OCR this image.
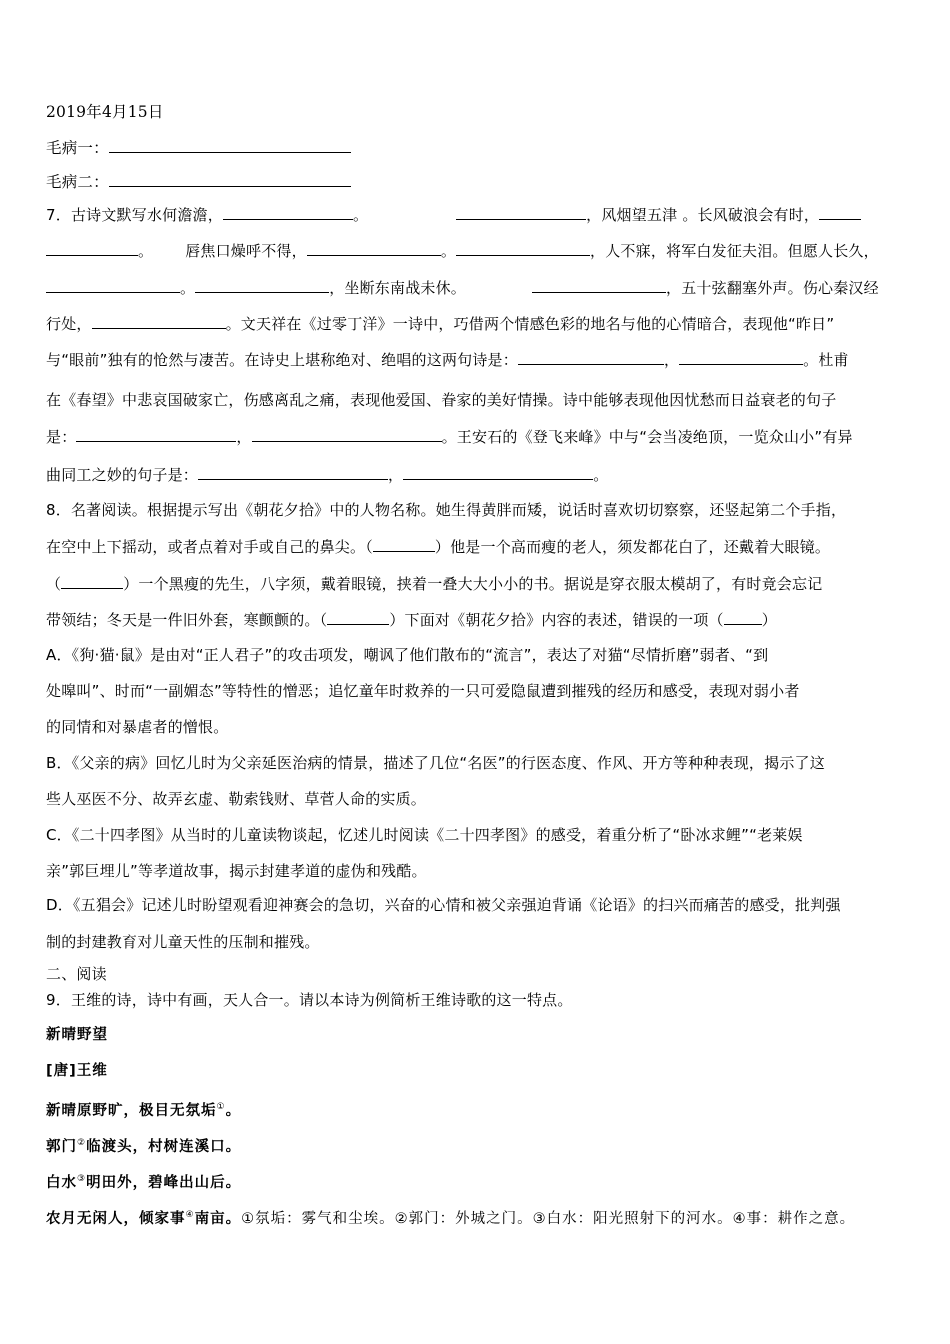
2019年4月15日
毛病一：
毛病二：
7．古诗文默写水何澹澹，	。	，风烟望五津 。长风破浪会有时，
。 唇焦口燥呼不得，	。	，人不寐，将军白发征夫泪。但愿人长久，
。	，坐断东南战未休。	，五十弦翻塞外声。伤心秦汉经
行处，	。文天祥在《过零丁洋》一诗中，巧借两个情感色彩的地名与他的心情暗合，表现他“昨日”
与“眼前”独有的怆然与凄苦。在诗史上堪称绝对、绝唱的这两句诗是：	，	。杜甫
在《春望》中悲哀国破家亡，伤感离乱之痛，表现他爱国、眷家的美好情操。诗中能够表现他因忧愁而日益衰老的句子
是：	，	。王安石的《登飞来峰》中与“会当凌绝顶，一览众山小”有异
曲同工之妙的句子是：	，	。
8．名著阅读。根据提示写出《朝花夕拾》中的人物名称。她生得黄胖而矮，说话时喜欢切切察察，还竖起第二个手指，
在空中上下摇动，或者点着对手或自己的鼻尖。（	）他是一个高而瘦的老人，须发都花白了，还戴着大眼镜。
（	）一个黑瘦的先生，八字须，戴着眼镜，挟着一叠大大小小的书。据说是穿衣服太模胡了，有时竟会忘记
带领结；冬天是一件旧外套，寒颤颤的。（	）下面对《朝花夕拾》内容的表述，错误的一项（	）
A．《狗·猫·鼠》是由对“正人君子”的攻击项发，嘲讽了他们散布的“流言”，表达了对猫“尽情折磨”弱者、“到
处嗥叫”、时而“一副媚态”等特性的憎恶；追忆童年时救养的一只可爱隐鼠遭到摧残的经历和感受，表现对弱小者
的同情和对暴虐者的憎恨。
B．《父亲的病》回忆儿时为父亲延医治病的情景，描述了几位“名医”的行医态度、作风、开方等种种表现，揭示了这
些人巫医不分、故弄玄虚、勒索钱财、草菅人命的实质。
C．《二十四孝图》从当时的儿童读物谈起，忆述儿时阅读《二十四孝图》的感受，着重分析了“卧冰求鲤”“老莱娱
亲”郭巨埋儿”等孝道故事，揭示封建孝道的虚伪和残酷。
D．《五猖会》记述儿时盼望观看迎神赛会的急切，兴奋的心情和被父亲强迫背诵《论语》的扫兴而痛苦的感受，批判强
制的封建教育对儿童天性的压制和摧残。
二、阅读
9．王维的诗，诗中有画，天人合一。请以本诗为例简析王维诗歌的这一特点。
新晴野望
[唐]王维
新晴原野旷，极目无氛垢①。
郭门②临渡头，村树连溪口。
白水③明田外，碧峰出山后。
农月无闲人，倾家事④南亩。①氛垢：雾气和尘埃。②郭门：外城之门。③白水：阳光照射下的河水。④事：耕作之意。
